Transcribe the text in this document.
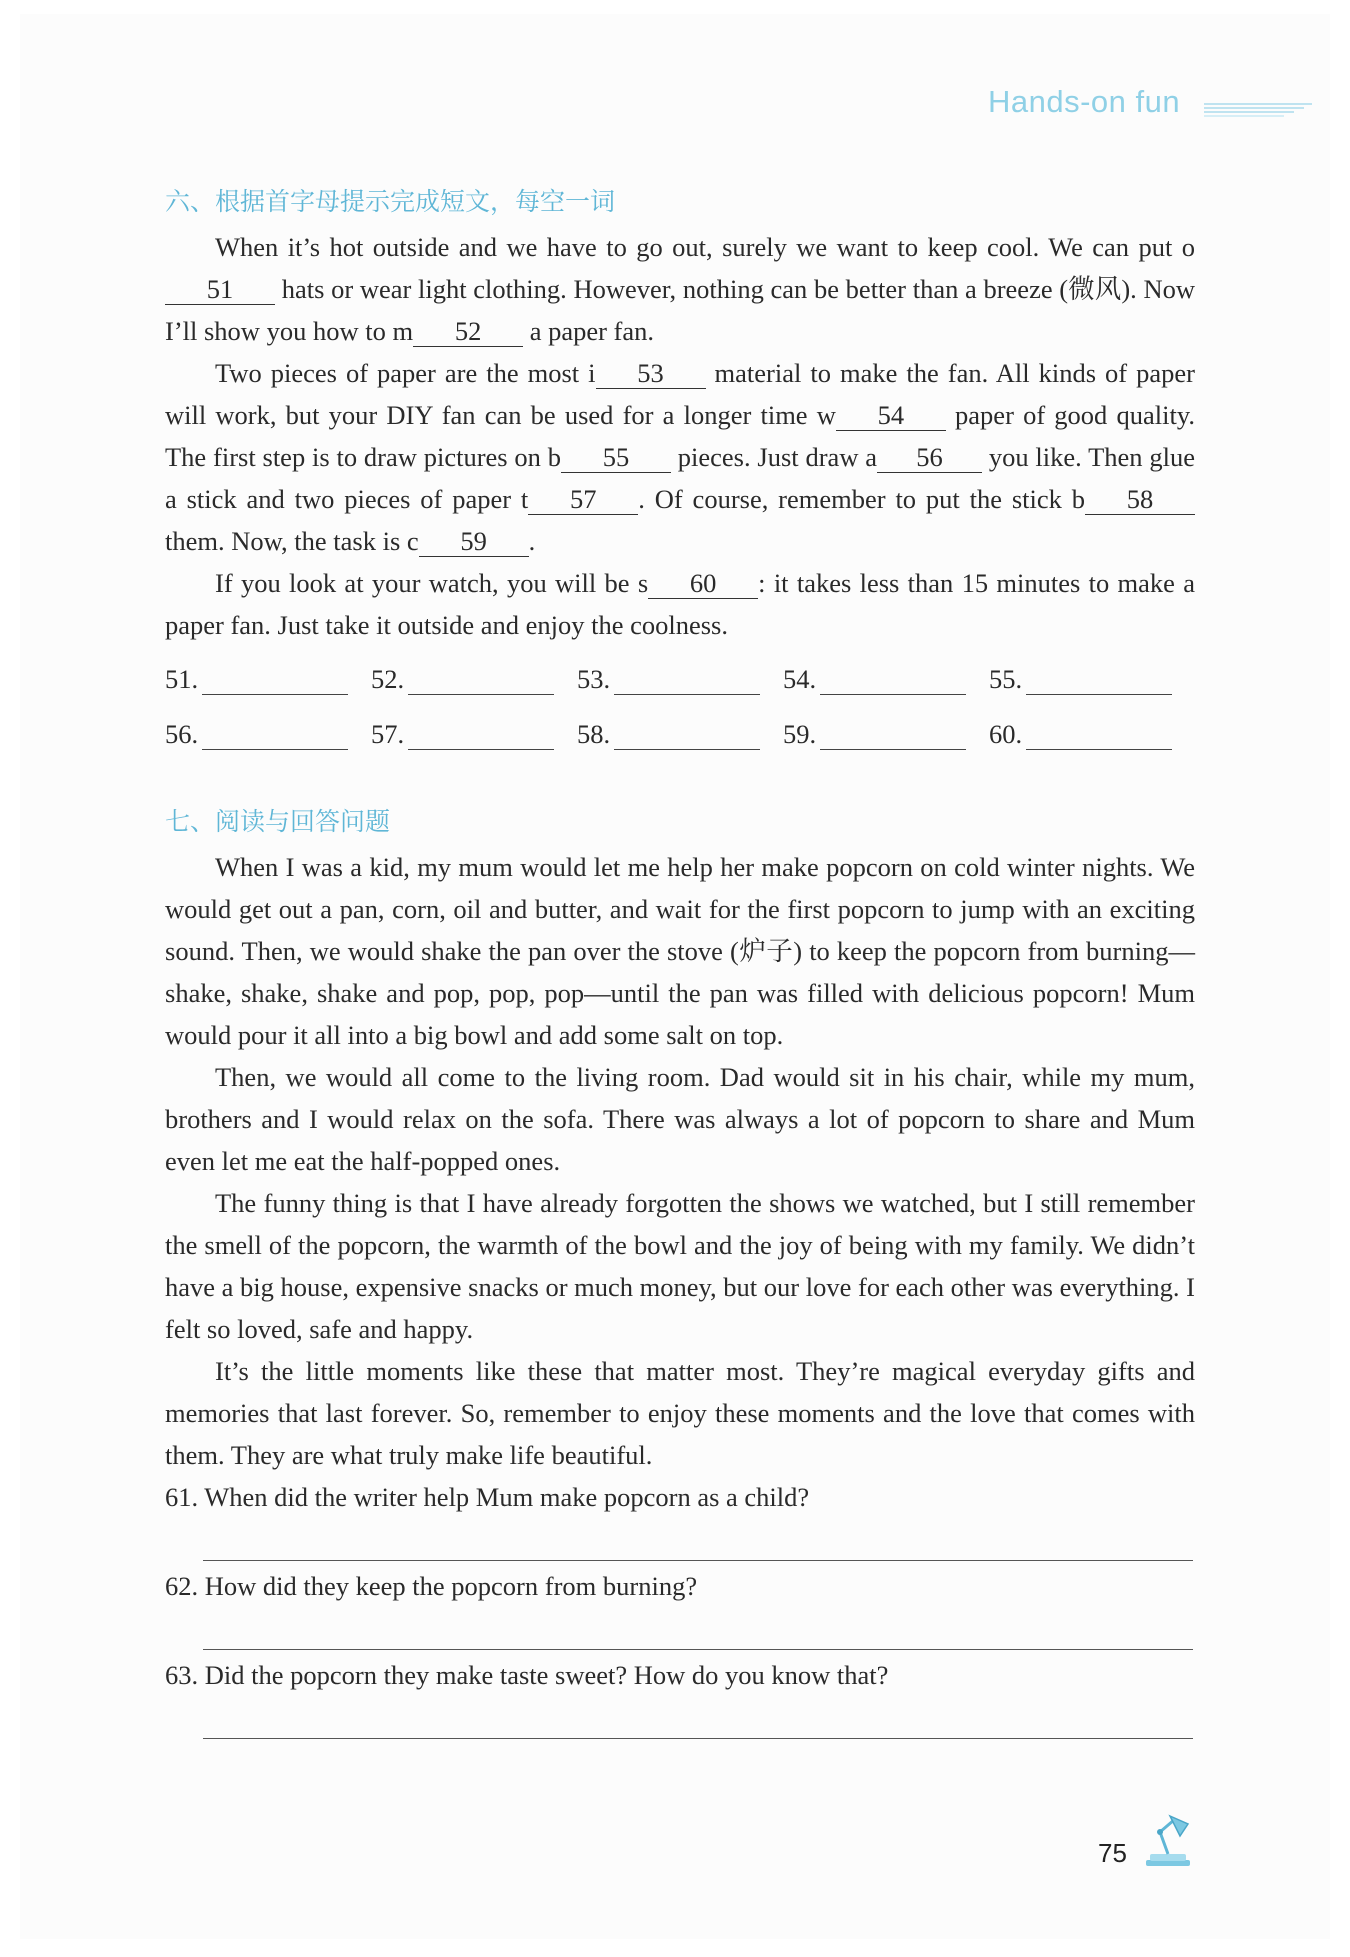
Hands-on fun
六、根据首字母提示完成短文，每空一词

When it’s hot outside and we have to go out, surely we want to keep cool. We can put o51 hats or wear light clothing. However, nothing can be better than a breeze (微风). Now I’ll show you how to m 52 a paper fan.

Two pieces of paper are the most i 53 material to make the fan. All kinds of paper will work, but your DIY fan can be used for a longer time w 54 paper of good quality. The first step is to draw pictures on b 55 pieces. Just draw a 56 you like. Then glue a stick and two pieces of paper t 57 . Of course, remember to put the stick b 58 them. Now, the task is c 59 .

If you look at your watch, you will be s 60 : it takes less than 15 minutes to make a paper fan. Just take it outside and enjoy the coolness.

51.	52.	53.	54.	55.
56.	57.	58.	59.	60.
七、阅读与回答问题

When I was a kid, my mum would let me help her make popcorn on cold winter nights. We would get out a pan, corn, oil and butter, and wait for the first popcorn to jump with an exciting sound. Then, we would shake the pan over the stove (炉子) to keep the popcorn from burning—shake, shake, shake and pop, pop, pop—until the pan was filled with delicious popcorn! Mum would pour it all into a big bowl and add some salt on top.

Then, we would all come to the living room. Dad would sit in his chair, while my mum, brothers and I would relax on the sofa. There was always a lot of popcorn to share and Mum even let me eat the half-popped ones.

The funny thing is that I have already forgotten the shows we watched, but I still remember the smell of the popcorn, the warmth of the bowl and the joy of being with my family. We didn’t have a big house, expensive snacks or much money, but our love for each other was everything. I felt so loved, safe and happy.

It’s the little moments like these that matter most. They’re magical everyday gifts and memories that last forever. So, remember to enjoy these moments and the love that comes with them. They are what truly make life beautiful.

61. When did the writer help Mum make popcorn as a child?
62. How did they keep the popcorn from burning?
63. Did the popcorn they make taste sweet? How do you know that?
75
